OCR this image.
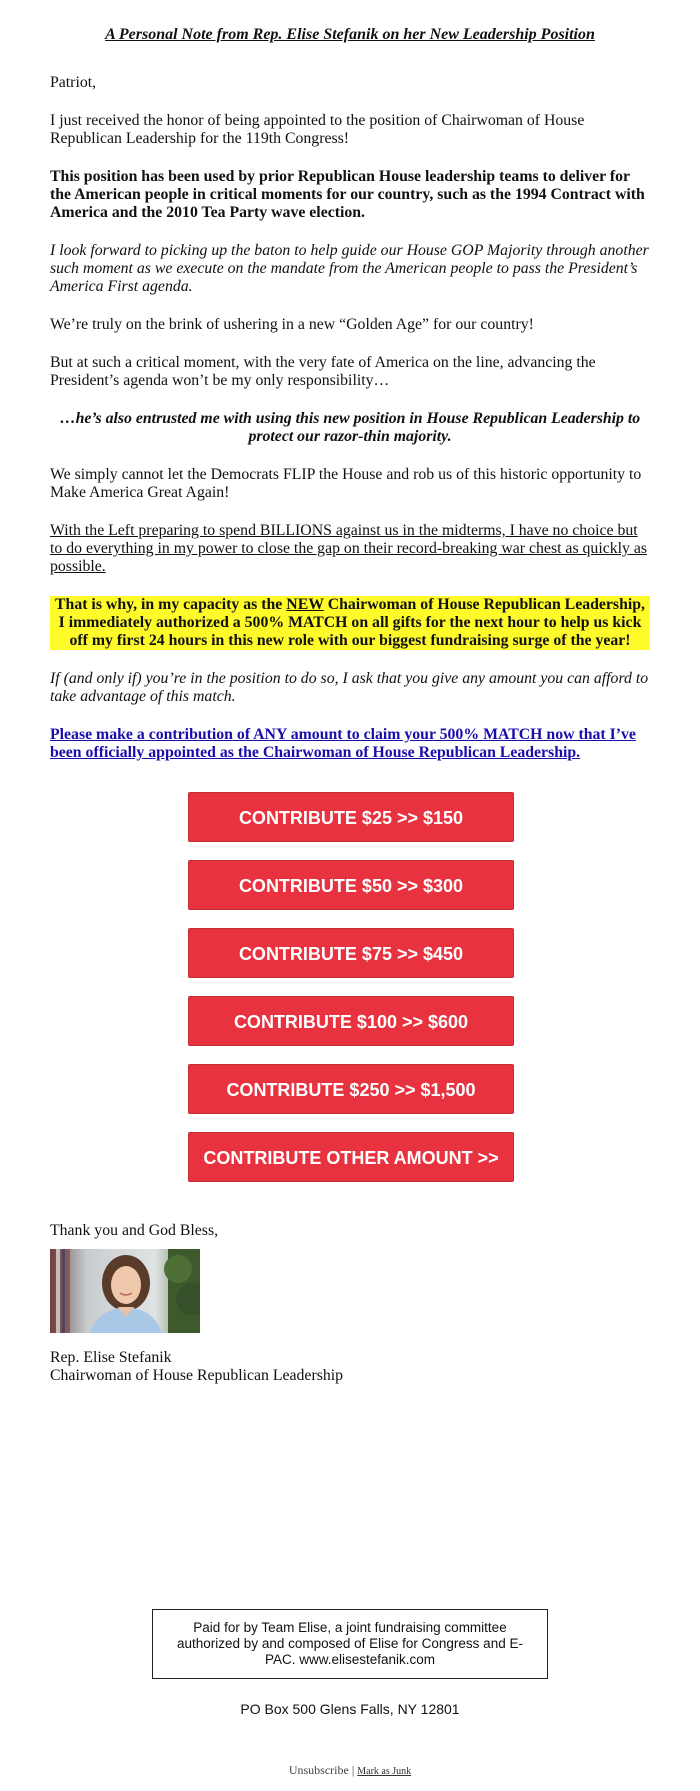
A Personal Note from Rep. Elise Stefanik on her New Leadership Position

Patriot,

I just received the honor of being appointed to the position of Chairwoman of House Republican Leadership for the 119th Congress!

This position has been used by prior Republican House leadership teams to deliver for the American people in critical moments for our country, such as the 1994 Contract with America and the 2010 Tea Party wave election.

I look forward to picking up the baton to help guide our House GOP Majority through another such moment as we execute on the mandate from the American people to pass the President’s America First agenda.

We’re truly on the brink of ushering in a new “Golden Age” for our country!

But at such a critical moment, with the very fate of America on the line, advancing the President’s agenda won’t be my only responsibility…

…he’s also entrusted me with using this new position in House Republican Leadership to protect our razor-thin majority.

We simply cannot let the Democrats FLIP the House and rob us of this historic opportunity to Make America Great Again!

With the Left preparing to spend BILLIONS against us in the midterms, I have no choice but to do everything in my power to close the gap on their record-breaking war chest as quickly as possible.

That is why, in my capacity as the NEW Chairwoman of House Republican Leadership, I immediately authorized a 500% MATCH on all gifts for the next hour to help us kick off my first 24 hours in this new role with our biggest fundraising surge of the year!

If (and only if) you’re in the position to do so, I ask that you give any amount you can afford to take advantage of this match.

Please make a contribution of ANY amount to claim your 500% MATCH now that I’ve been officially appointed as the Chairwoman of House Republican Leadership.

CONTRIBUTE $25 >> $150
CONTRIBUTE $50 >> $300
CONTRIBUTE $75 >> $450
CONTRIBUTE $100 >> $600
CONTRIBUTE $250 >> $1,500
CONTRIBUTE OTHER AMOUNT >>
Thank you and God Bless,
Rep. Elise Stefanik
Chairwoman of House Republican Leadership
Paid for by Team Elise, a joint fundraising committee authorized by and composed of Elise for Congress and E-PAC. www.elisestefanik.com
PO Box 500 Glens Falls, NY 12801
Unsubscribe | Mark as Junk
